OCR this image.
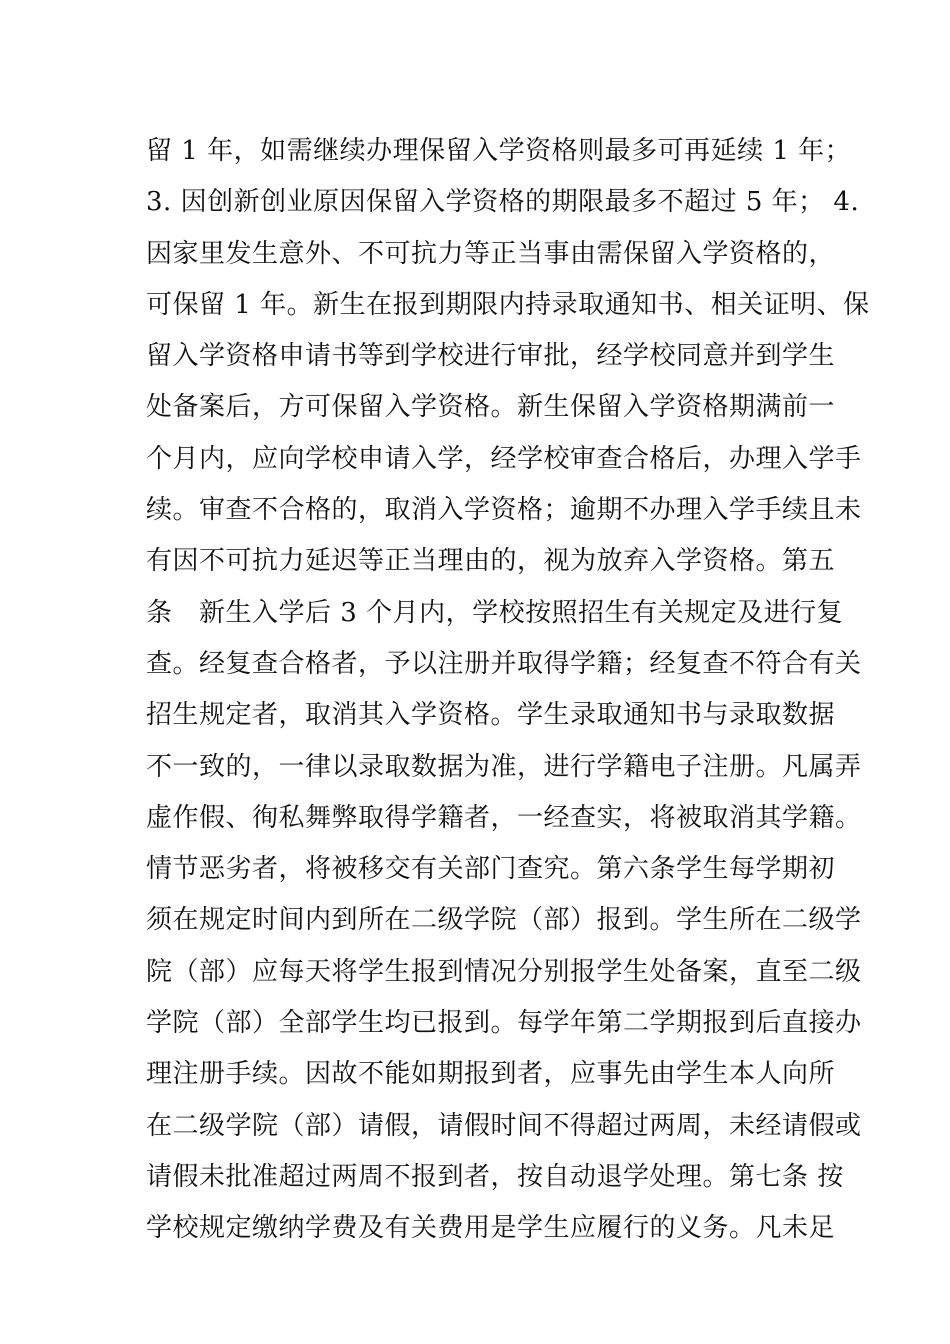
留 1 年，如需继续办理保留入学资格则最多可再延续 1 年；
3. 因创新创业原因保留入学资格的期限最多不超过 5 年； 4.
因家里发生意外、不可抗力等正当事由需保留入学资格的，
可保留 1 年。新生在报到期限内持录取通知书、相关证明、保
留入学资格申请书等到学校进行审批，经学校同意并到学生
处备案后，方可保留入学资格。新生保留入学资格期满前一
个月内，应向学校申请入学，经学校审查合格后，办理入学手
续。审查不合格的，取消入学资格；逾期不办理入学手续且未
有因不可抗力延迟等正当理由的，视为放弃入学资格。第五
条　新生入学后 3 个月内，学校按照招生有关规定及进行复
查。经复查合格者，予以注册并取得学籍；经复查不符合有关
招生规定者，取消其入学资格。学生录取通知书与录取数据
不一致的，一律以录取数据为准，进行学籍电子注册。凡属弄
虚作假、徇私舞弊取得学籍者，一经查实，将被取消其学籍。
情节恶劣者，将被移交有关部门查究。第六条学生每学期初
须在规定时间内到所在二级学院（部）报到。学生所在二级学
院（部）应每天将学生报到情况分别报学生处备案，直至二级
学院（部）全部学生均已报到。每学年第二学期报到后直接办
理注册手续。因故不能如期报到者，应事先由学生本人向所
在二级学院（部）请假，请假时间不得超过两周，未经请假或
请假未批准超过两周不报到者，按自动退学处理。第七条 按
学校规定缴纳学费及有关费用是学生应履行的义务。凡未足
